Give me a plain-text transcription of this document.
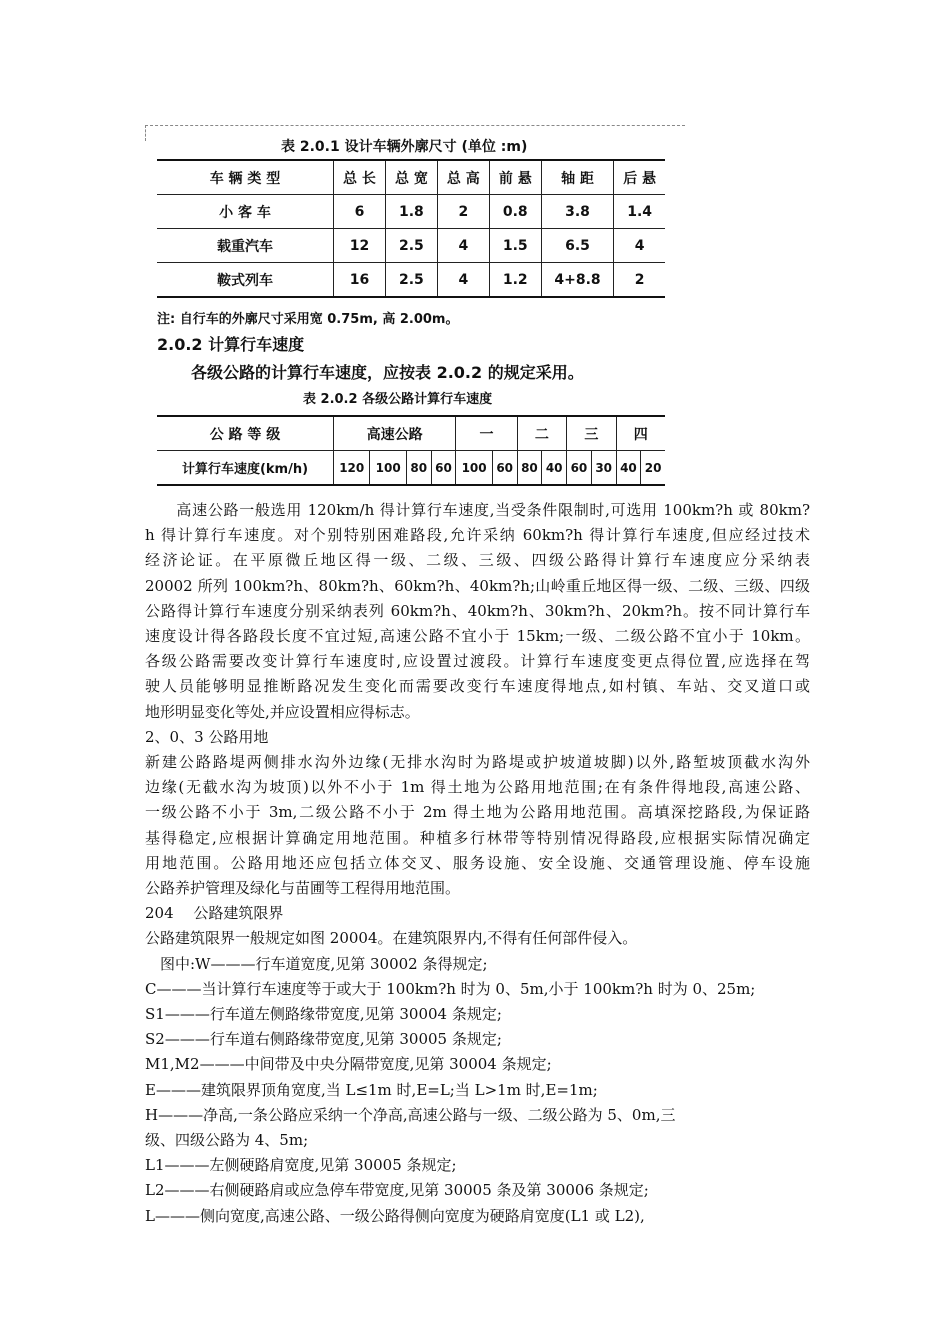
表 2.0.1 设计车辆外廓尺寸 (单位 :m)
车 辆 类 型	总 长	总 宽	总 高	前 悬	轴 距	后 悬
小 客 车	6	1.8	2	0.8	3.8	1.4
载重汽车	12	2.5	4	1.5	6.5	4
鞍式列车	16	2.5	4	1.2	4+8.8	2
注: 自行车的外廓尺寸采用宽 0.75m, 高 2.00m。
2.0.2 计算行车速度
各级公路的计算行车速度，应按表 2.0.2 的规定采用。
表 2.0.2 各级公路计算行车速度
公 路 等 级	高速公路				一		二		三		四	
计算行车速度(km/h)	120	100	80	60	100	60	80	40	60	30	40	20

　　高速公路一般选用 120km/h 得计算行车速度,当受条件限制时,可选用 100km?h 或 80km?

h 得计算行车速度。对个别特别困难路段,允许采纳 60km?h 得计算行车速度,但应经过技术

经济论证。在平原微丘地区得一级、二级、三级、四级公路得计算行车速度应分采纳表

20002 所列 100km?h、80km?h、60km?h、40km?h;山岭重丘地区得一级、二级、三级、四级

公路得计算行车速度分别采纳表列 60km?h、40km?h、30km?h、20km?h。按不同计算行车

速度设计得各路段长度不宜过短,高速公路不宜小于 15km;一级、二级公路不宜小于 10km。

各级公路需要改变计算行车速度时,应设置过渡段。计算行车速度变更点得位置,应选择在驾

驶人员能够明显推断路况发生变化而需要改变行车速度得地点,如村镇、车站、交叉道口或

地形明显变化等处,并应设置相应得标志。

2、0、3 公路用地

新建公路路堤两侧排水沟外边缘(无排水沟时为路堤或护坡道坡脚)以外,路堑坡顶截水沟外

边缘(无截水沟为坡顶)以外不小于 1m 得土地为公路用地范围;在有条件得地段,高速公路、

一级公路不小于 3m,二级公路不小于 2m 得土地为公路用地范围。高填深挖路段,为保证路

基得稳定,应根据计算确定用地范围。种植多行林带等特别情况得路段,应根据实际情况确定

用地范围。公路用地还应包括立体交叉、服务设施、安全设施、交通管理设施、停车设施

公路养护管理及绿化与苗圃等工程得用地范围。

204　 公路建筑限界

公路建筑限界一般规定如图 20004。在建筑限界内,不得有任何部件侵入。

　图中:W———行车道宽度,见第 30002 条得规定;

C———当计算行车速度等于或大于 100km?h 时为 0、5m,小于 100km?h 时为 0、25m;

S1———行车道左侧路缘带宽度,见第 30004 条规定;

S2———行车道右侧路缘带宽度,见第 30005 条规定;

M1,M2———中间带及中央分隔带宽度,见第 30004 条规定;

E———建筑限界顶角宽度,当 L≤1m 时,E=L;当 L>1m 时,E=1m;

H———净高,一条公路应采纳一个净高,高速公路与一级、二级公路为 5、0m,三

级、四级公路为 4、5m;

L1———左侧硬路肩宽度,见第 30005 条规定;

L2———右侧硬路肩或应急停车带宽度,见第 30005 条及第 30006 条规定;

L———侧向宽度,高速公路、一级公路得侧向宽度为硬路肩宽度(L1 或 L2),
